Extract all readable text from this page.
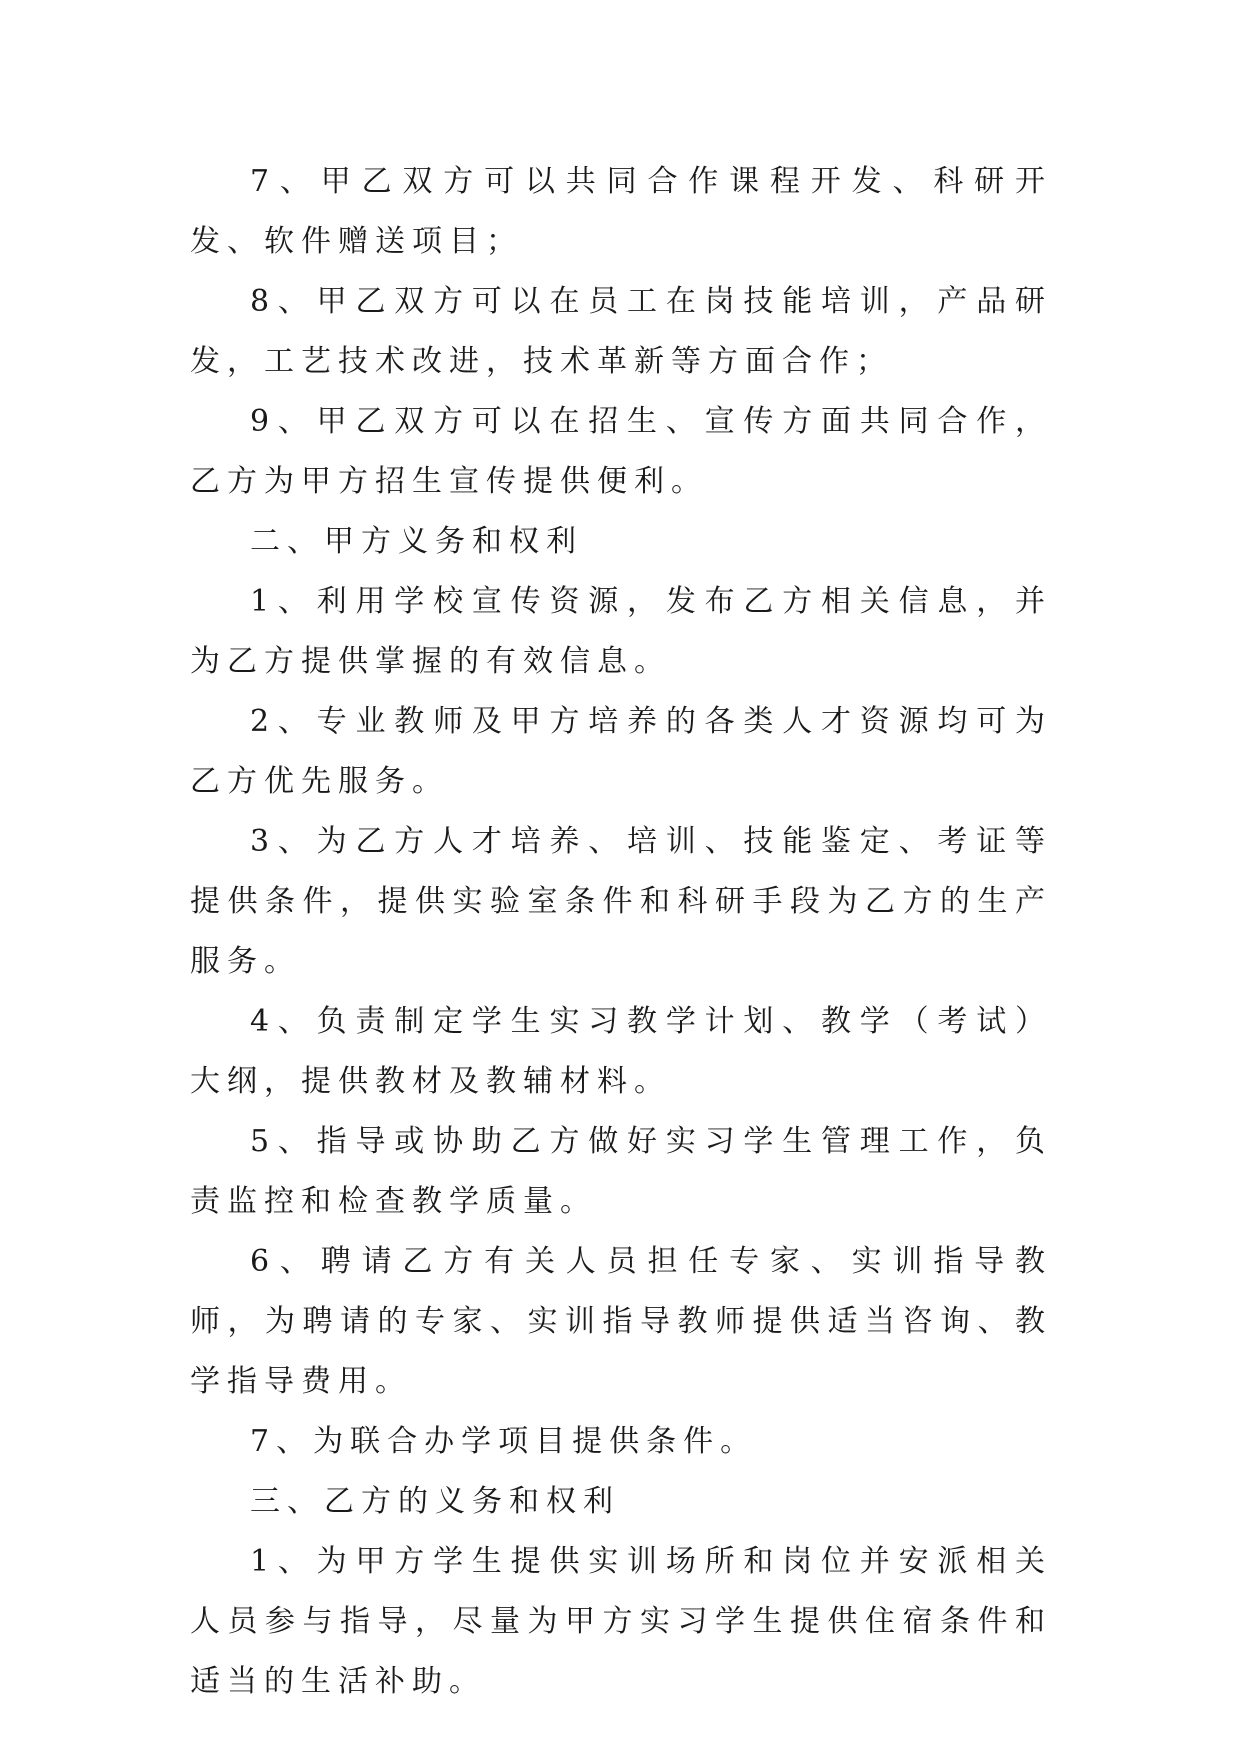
7、甲乙双方可以共同合作课程开发、科研开发、软件赠送项目；

8、甲乙双方可以在员工在岗技能培训，产品研发，工艺技术改进，技术革新等方面合作；

9、甲乙双方可以在招生、宣传方面共同合作，乙方为甲方招生宣传提供便利。

二、甲方义务和权利

1、利用学校宣传资源，发布乙方相关信息，并为乙方提供掌握的有效信息。

2、专业教师及甲方培养的各类人才资源均可为乙方优先服务。

3、为乙方人才培养、培训、技能鉴定、考证等提供条件，提供实验室条件和科研手段为乙方的生产服务。

4、负责制定学生实习教学计划、教学（考试）大纲，提供教材及教辅材料。

5、指导或协助乙方做好实习学生管理工作，负责监控和检查教学质量。

6、聘请乙方有关人员担任专家、实训指导教师，为聘请的专家、实训指导教师提供适当咨询、教学指导费用。

7、为联合办学项目提供条件。

三、乙方的义务和权利

1、为甲方学生提供实训场所和岗位并安派相关人员参与指导，尽量为甲方实习学生提供住宿条件和适当的生活补助。
